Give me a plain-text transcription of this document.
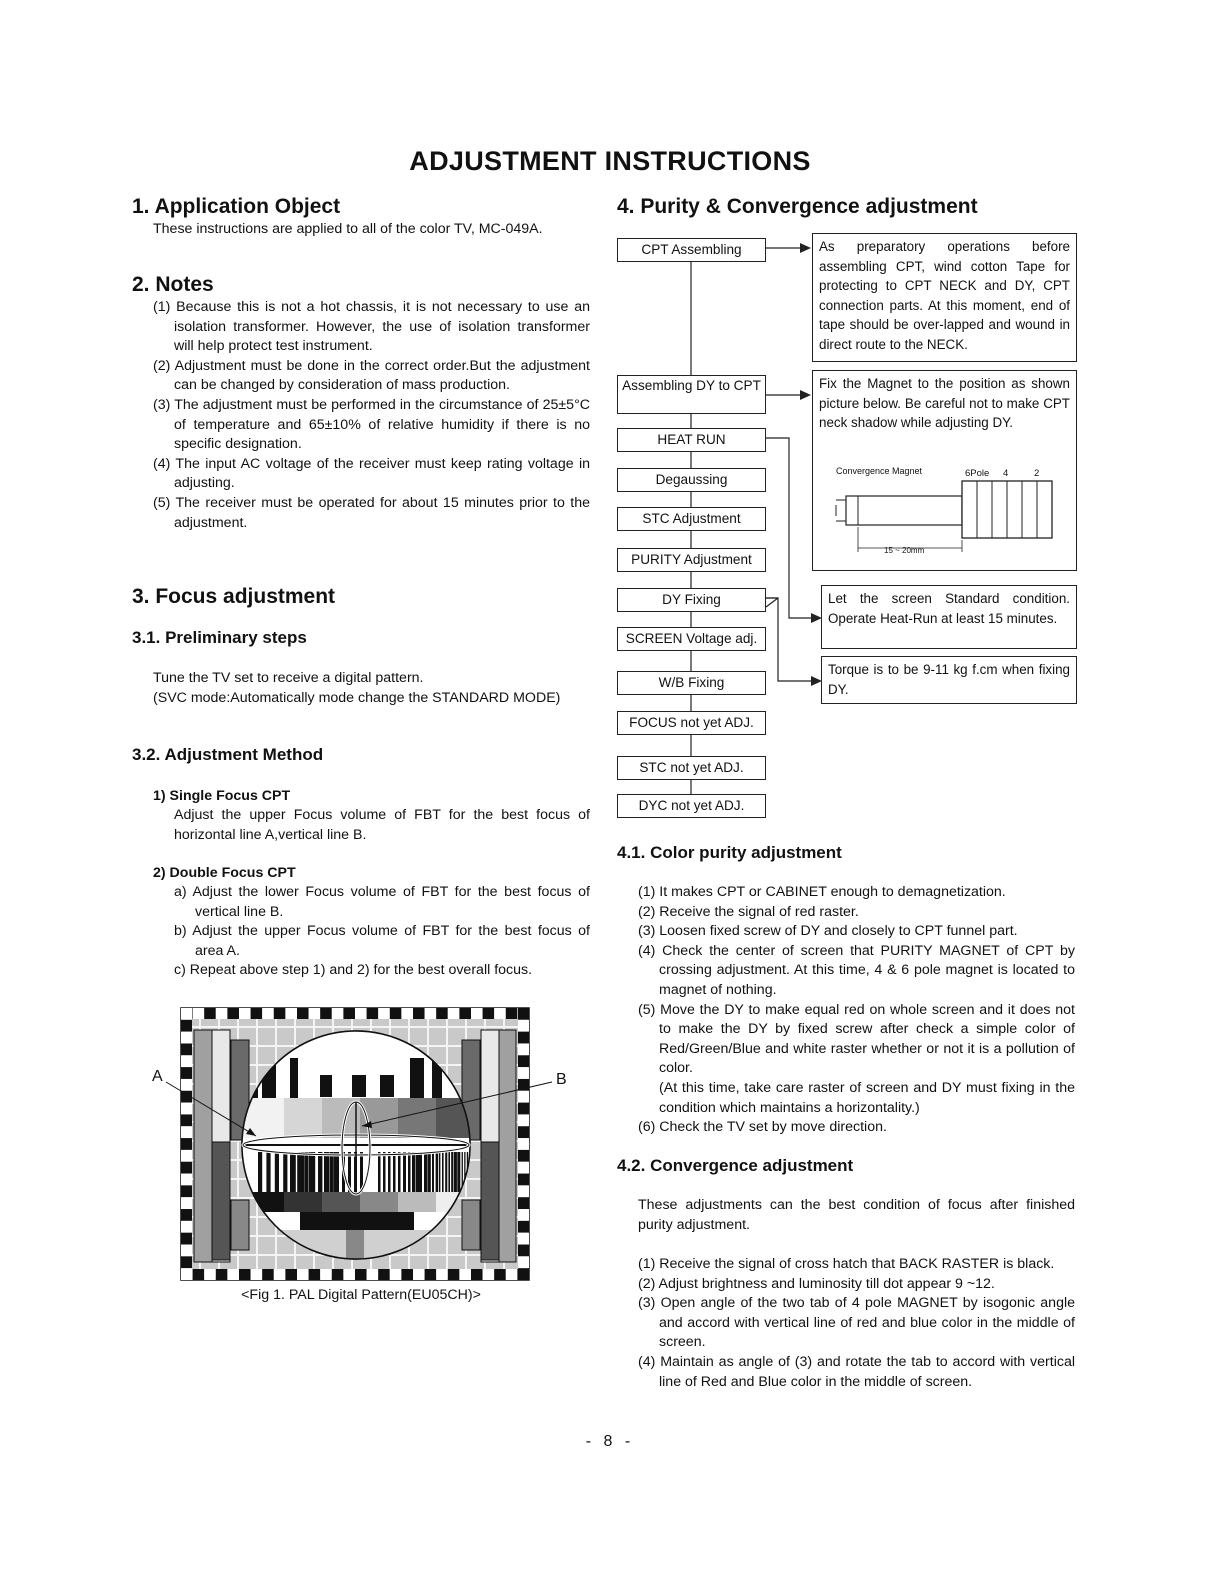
ADJUSTMENT INSTRUCTIONS
1. Application Object
These instructions are applied to all of the color TV, MC-049A.
2. Notes
(1) Because this is not a hot chassis, it is not necessary to use an isolation transformer. However, the use of isolation transformer will help protect test instrument.
(2) Adjustment must be done in the correct order.But the adjustment can be changed by consideration of mass production.
(3) The adjustment must be performed in the circumstance of 25±5°C of temperature and 65±10% of relative humidity if there is no specific designation.
(4) The input AC voltage of the receiver must keep rating voltage in adjusting.
(5) The receiver must be operated for about 15 minutes prior to the adjustment.
3. Focus adjustment
3.1. Preliminary steps
Tune the TV set to receive a digital pattern.
(SVC mode:Automatically mode change the STANDARD MODE)
3.2. Adjustment Method
1) Single Focus CPT
Adjust the upper Focus volume of FBT for the best focus of horizontal line A,vertical line B.
2) Double Focus CPT
a) Adjust the lower Focus volume of FBT for the best focus of vertical line B.
b) Adjust the upper Focus volume of FBT for the best focus of area A.
c) Repeat above step 1) and 2) for the best overall focus.
A	B
<Fig 1. PAL Digital Pattern(EU05CH)>
4. Purity & Convergence adjustment
CPT Assembling
Assembling DY to CPT
HEAT RUN
Degaussing
STC Adjustment
PURITY Adjustment
DY Fixing
SCREEN Voltage adj.
W/B Fixing
FOCUS not yet ADJ.
STC not yet ADJ.
DYC not yet ADJ.
As preparatory operations before assembling CPT, wind cotton Tape for protecting to CPT NECK and DY, CPT connection parts. At this moment, end of tape should be over-lapped and wound in direct route to the NECK.
Fix the Magnet to the position as shown picture below. Be careful not to make CPT neck shadow while adjusting DY.
Let the screen Standard condition. Operate Heat-Run at least 15 minutes.
Torque is to be 9-11 kg f.cm when fixing DY.
Convergence Magnet	6Pole 4	2
15 ~ 20mm
4.1. Color purity adjustment
(1) It makes CPT or CABINET enough to demagnetization.
(2) Receive the signal of red raster.
(3) Loosen fixed screw of DY and closely to CPT funnel part.
(4) Check the center of screen that PURITY MAGNET of CPT by crossing adjustment. At this time, 4 & 6 pole magnet is located to magnet of nothing.
(5) Move the DY to make equal red on whole screen and it does not to make the DY by fixed screw after check a simple color of Red/Green/Blue and white raster whether or not it is a pollution of color.
(At this time, take care raster of screen and DY must fixing in the condition which maintains a horizontality.)
(6) Check the TV set by move direction.
4.2. Convergence adjustment
These adjustments can the best condition of focus after finished purity adjustment.
(1) Receive the signal of cross hatch that BACK RASTER is black.
(2) Adjust brightness and luminosity till dot appear 9 ~12.
(3) Open angle of the two tab of 4 pole MAGNET by isogonic angle and accord with vertical line of red and blue color in the middle of screen.
(4) Maintain as angle of (3) and rotate the tab to accord with vertical line of Red and Blue color in the middle of screen.
- 8 -
